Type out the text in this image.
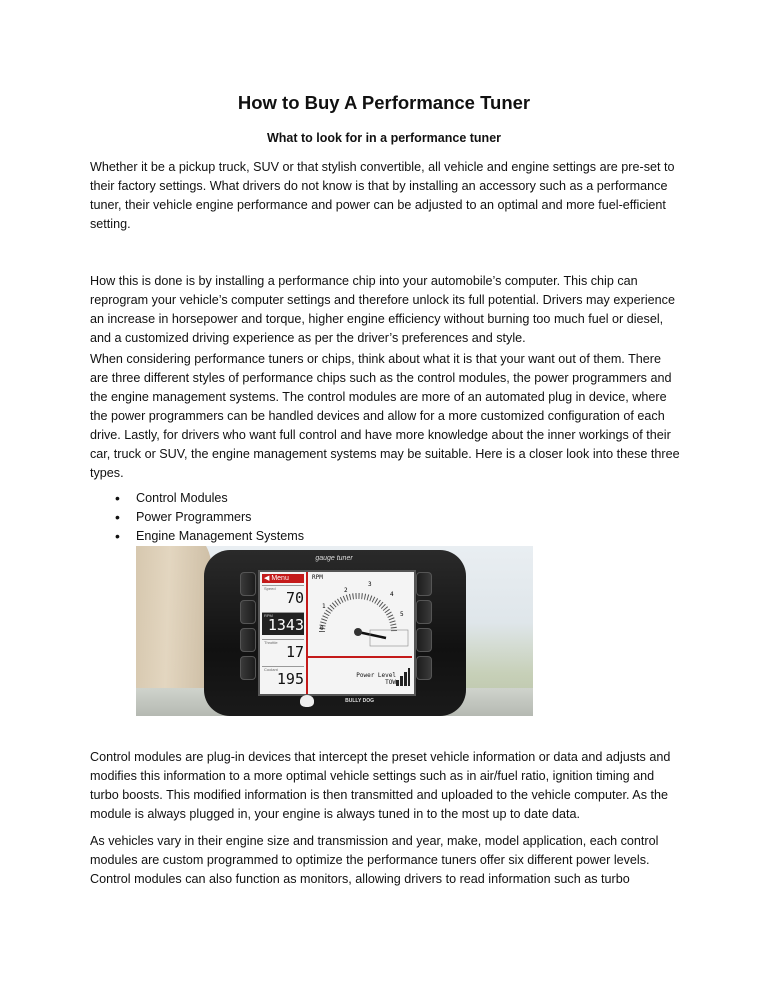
How to Buy A Performance Tuner

What to look for in a performance tuner

Whether it be a pickup truck, SUV or that stylish convertible, all vehicle and engine settings are pre-set to their factory settings. What drivers do not know is that by installing an accessory such as a performance tuner, their vehicle engine performance and power can be adjusted to an optimal and more fuel-efficient setting.

How this is done is by installing a performance chip into your automobile’s computer. This chip can reprogram your vehicle’s computer settings and therefore unlock its full potential. Drivers may experience an increase in horsepower and torque, higher engine efficiency without burning too much fuel or diesel, and a customized driving experience as per the driver’s preferences and style.

When considering performance tuners or chips, think about what it is that your want out of them. There are three different styles of performance chips such as the control modules, the power programmers and the engine management systems. The control modules are more of an automated plug in device, where the power programmers can be handled devices and allow for a more customized configuration of each drive. Lastly, for drivers who want full control and have more knowledge about the inner workings of their car, truck or SUV, the engine management systems may be suitable. Here is a closer look into these three types.

• Control Modules
• Power Programmers
• Engine Management Systems
gauge tuner
◀ Menu
Speed
70
RPM
1343
Throttle
17
Coolant
195
RPM
2
3
4
1
0
5
Power Level
TOW
BULLY DOG

Control modules are plug-in devices that intercept the preset vehicle information or data and adjusts and modifies this information to a more optimal vehicle settings such as in air/fuel ratio, ignition timing and turbo boosts. This modified information is then transmitted and uploaded to the vehicle computer. As the module is always plugged in, your engine is always tuned in to the most up to date data.

As vehicles vary in their engine size and transmission and year, make, model application, each control modules are custom programmed to optimize the performance tuners offer six different power levels. Control modules can also function as monitors, allowing drivers to read information such as turbo
